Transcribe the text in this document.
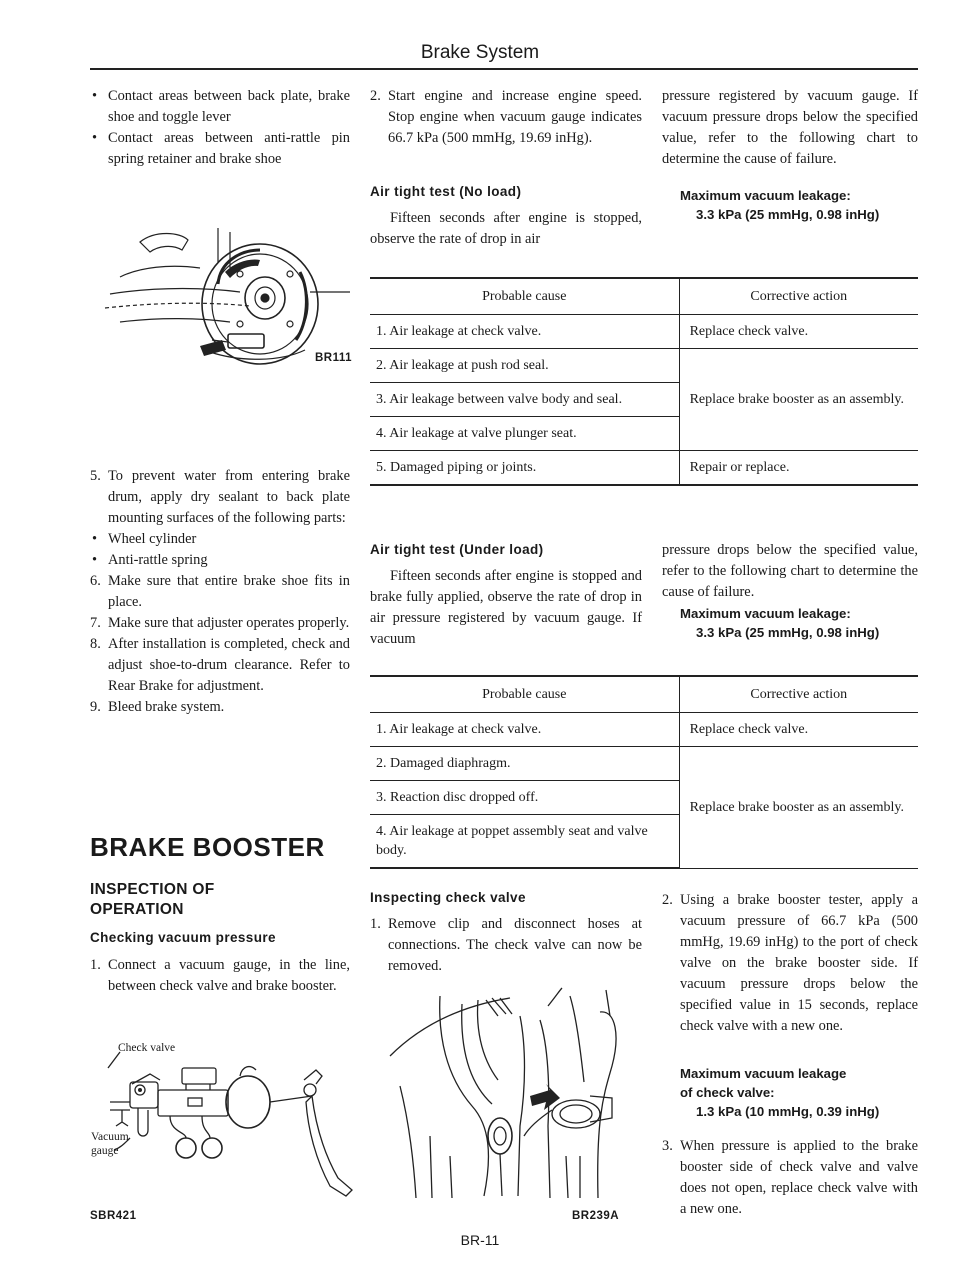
Brake System

• Contact areas between back plate, brake shoe and toggle lever

• Contact areas between anti-rattle pin spring retainer and brake shoe

BR111

5. To prevent water from entering brake drum, apply dry sealant to back plate mounting surfaces of the following parts:

• Wheel cylinder

• Anti-rattle spring

6. Make sure that entire brake shoe fits in place.

7. Make sure that adjuster operates properly.

8. After installation is completed, check and adjust shoe-to-drum clearance. Refer to Rear Brake for adjustment.

9. Bleed brake system.

BRAKE BOOSTER
INSPECTION OF
OPERATION
Checking vacuum pressure

1. Connect a vacuum gauge, in the line, between check valve and brake booster.

Check valve
Vacuum
gauge
SBR421

2. Start engine and increase engine speed. Stop engine when vacuum gauge indicates 66.7 kPa (500 mmHg, 19.69 inHg).

Air tight test (No load)
Fifteen seconds after engine is stopped, observe the rate of drop in air
pressure registered by vacuum gauge. If vacuum pressure drops below the specified value, refer to the following chart to determine the cause of failure.
Maximum vacuum leakage:
3.3 kPa (25 mmHg, 0.98 inHg)
Probable cause	Corrective action
1. Air leakage at check valve.	Replace check valve.
2. Air leakage at push rod seal.	Replace brake booster as an assembly.
3. Air leakage between valve body and seal.	
4. Air leakage at valve plunger seat.	
5. Damaged piping or joints.	Repair or replace.
Air tight test (Under load)
Fifteen seconds after engine is stopped and brake fully applied, observe the rate of drop in air pressure registered by vacuum gauge. If vacuum
pressure drops below the specified value, refer to the following chart to determine the cause of failure.
Maximum vacuum leakage:
3.3 kPa (25 mmHg, 0.98 inHg)
Probable cause	Corrective action
1. Air leakage at check valve.	Replace check valve.
2. Damaged diaphragm.	Replace brake booster as an assembly.
3. Reaction disc dropped off.	
4. Air leakage at poppet assembly seat and valve body.	
Inspecting check valve

1. Remove clip and disconnect hoses at connections. The check valve can now be removed.

BR239A

2. Using a brake booster tester, apply a vacuum pressure of 66.7 kPa (500 mmHg, 19.69 inHg) to the port of check valve on the brake booster side. If vacuum pressure drops below the specified value in 15 seconds, replace check valve with a new one.

Maximum vacuum leakage
of check valve:
1.3 kPa (10 mmHg, 0.39 inHg)

3. When pressure is applied to the brake booster side of check valve and valve does not open, replace check valve with a new one.

BR-11
